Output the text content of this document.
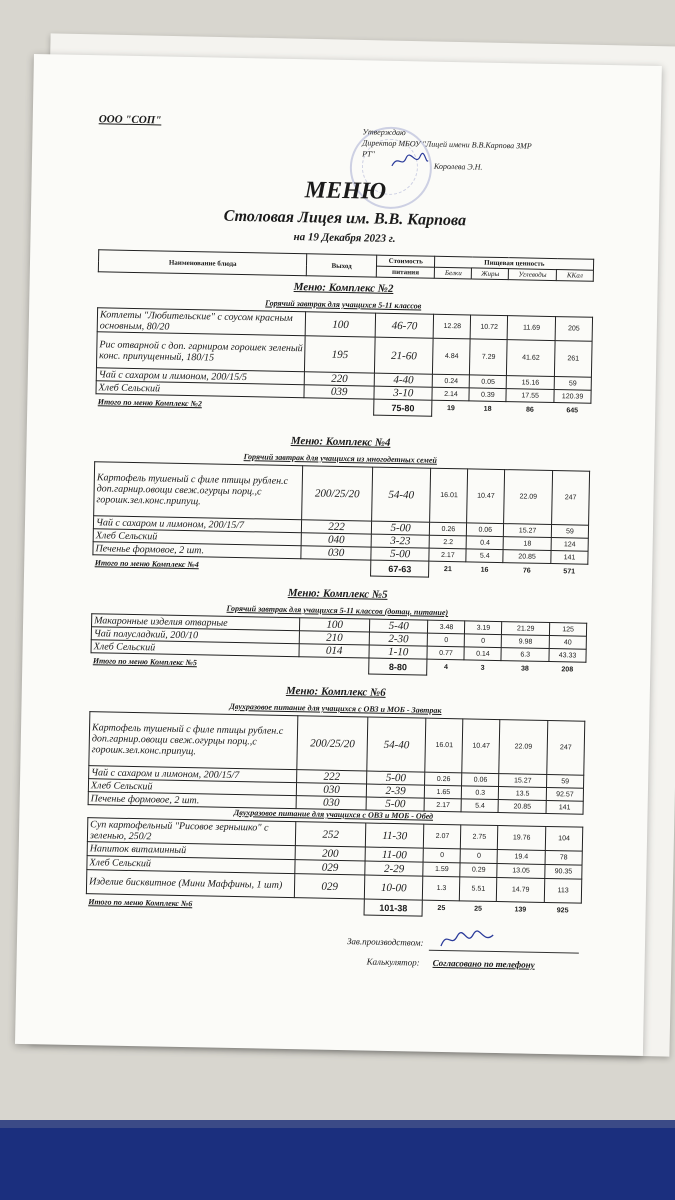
ООО "СОП"
Утверждаю
Директор МБОУ "Лицей имени В.В.Карпова ЗМР
РТ"
Королева Э.Н.
МЕНЮ
Столовая Лицея им. В.В. Карпова
на 19 Декабря 2023 г.
Наименование блюда	Выход	Стоимость	Пищевая ценность			
		питания	Белки	Жиры	Углеводы	ККал
Зав.производством:
Калькулятор: Согласовано по телефону
Меню: Комплекс №2
Горячий завтрак для учащихся 5-11 классов
Котлеты "Любительские" с соусом красным основным, 80/20	100	46-70	12.28	10.72	11.69	205
Рис отварной с доп. гарниром горошек зеленый конс. припущенный, 180/15	195	21-60	4.84	7.29	41.62	261
Чай с сахаром и лимоном, 200/15/5	220	4-40	0.24	0.05	15.16	59
Хлеб Сельский	039	3-10	2.14	0.39	17.55	120.39
Итого по меню Комплекс №2		75-80	19	18	86	645
Меню: Комплекс №4
Горячий завтрак для учащихся из многодетных семей
Картофель тушеный с филе птицы рублен.с доп.гарнир.овощи свеж.огурцы порц.,с горошк.зел.конс.припущ.	200/25/20	54-40	16.01	10.47	22.09	247
Чай с сахаром и лимоном, 200/15/7	222	5-00	0.26	0.06	15.27	59
Хлеб Сельский	040	3-23	2.2	0.4	18	124
Печенье формовое, 2 шт.	030	5-00	2.17	5.4	20.85	141
Итого по меню Комплекс №4		67-63	21	16	76	571
Меню: Комплекс №5
Горячий завтрак для учащихся 5-11 классов (дотац. питание)
Макаронные изделия отварные	100	5-40	3.48	3.19	21.29	125
Чай полусладкий, 200/10	210	2-30	0	0	9.98	40
Хлеб Сельский	014	1-10	0.77	0.14	6.3	43.33
Итого по меню Комплекс №5		8-80	4	3	38	208
Меню: Комплекс №6
Двухразовое питание для учащихся с ОВЗ и МОБ - Завтрак
Картофель тушеный с филе птицы рублен.с доп.гарнир.овощи свеж.огурцы порц.,с горошк.зел.конс.припущ.	200/25/20	54-40	16.01	10.47	22.09	247
Чай с сахаром и лимоном, 200/15/7	222	5-00	0.26	0.06	15.27	59
Хлеб Сельский	030	2-39	1.65	0.3	13.5	92.57
Печенье формовое, 2 шт.	030	5-00	2.17	5.4	20.85	141
Двухразовое питание для учащихся с ОВЗ и МОБ - Обед
Суп картофельный "Рисовое зернышко" с зеленью, 250/2	252	11-30	2.07	2.75	19.76	104
Напиток витаминный	200	11-00	0	0	19.4	78
Хлеб Сельский	029	2-29	1.59	0.29	13.05	90.35
Изделие бисквитное (Мини Маффины, 1 шт)	029	10-00	1.3	5.51	14.79	113
Итого по меню Комплекс №6		101-38	25	25	139	925
